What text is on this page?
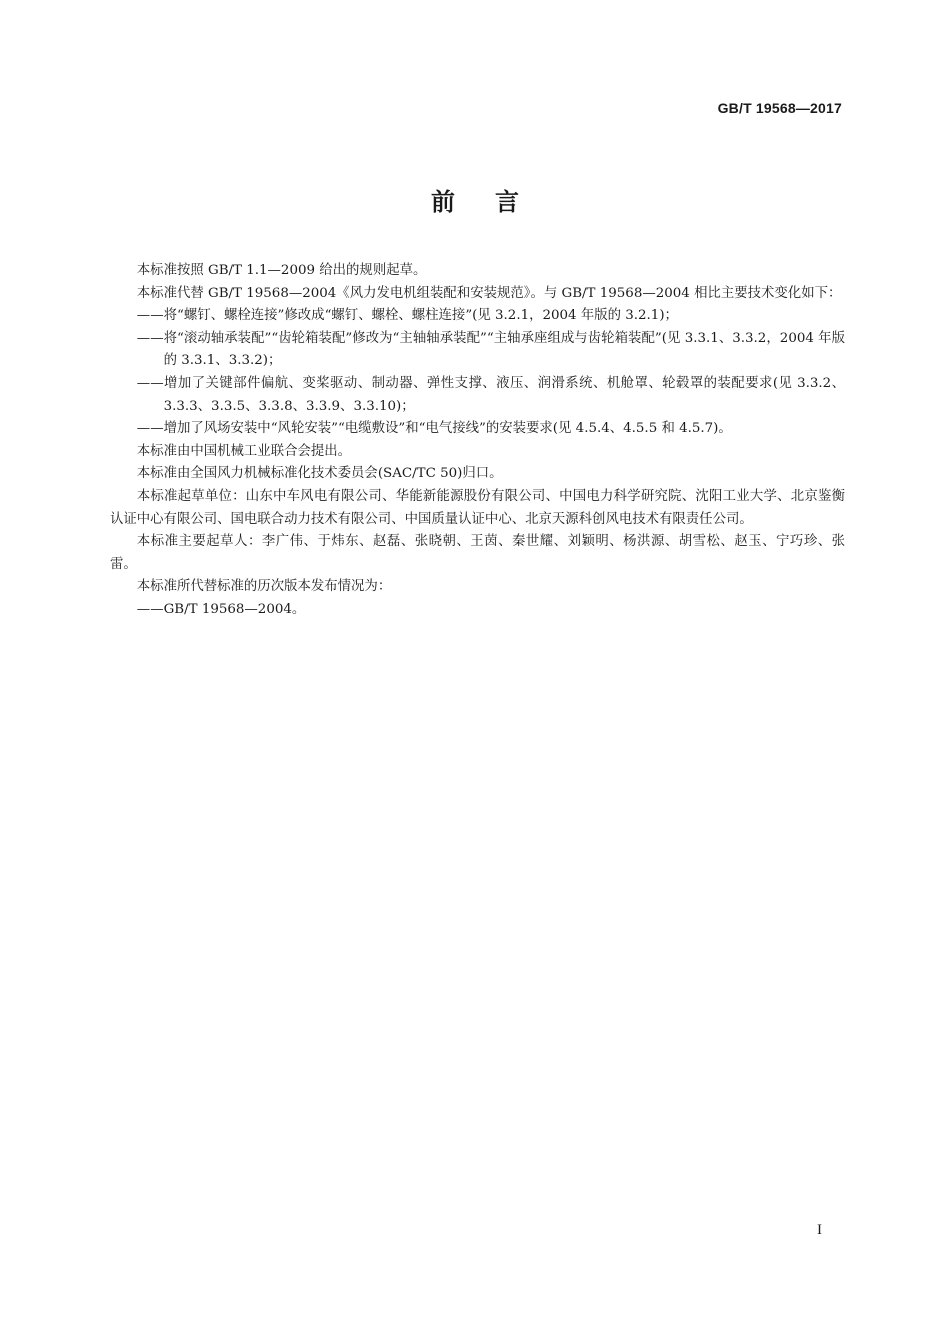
GB/T 19568—2017
前言

本标准按照 GB/T 1.1—2009 给出的规则起草。

本标准代替 GB/T 19568—2004《风力发电机组装配和安装规范》。与 GB/T 19568—2004 相比主要技术变化如下：

——将“螺钉、螺栓连接”修改成“螺钉、螺栓、螺柱连接”(见 3.2.1，2004 年版的 3.2.1)；

——将“滚动轴承装配”“齿轮箱装配”修改为“主轴轴承装配”“主轴承座组成与齿轮箱装配”(见 3.3.1、3.3.2，2004 年版的 3.3.1、3.3.2)；

——增加了关键部件偏航、变桨驱动、制动器、弹性支撑、液压、润滑系统、机舱罩、轮毂罩的装配要求(见 3.3.2、3.3.3、3.3.5、3.3.8、3.3.9、3.3.10)；

——增加了风场安装中“风轮安装”“电缆敷设”和“电气接线”的安装要求(见 4.5.4、4.5.5 和 4.5.7)。

本标准由中国机械工业联合会提出。

本标准由全国风力机械标准化技术委员会(SAC/TC 50)归口。

本标准起草单位：山东中车风电有限公司、华能新能源股份有限公司、中国电力科学研究院、沈阳工业大学、北京鉴衡认证中心有限公司、国电联合动力技术有限公司、中国质量认证中心、北京天源科创风电技术有限责任公司。

本标准主要起草人：李广伟、于炜东、赵磊、张晓朝、王茵、秦世耀、刘颖明、杨洪源、胡雪松、赵玉、宁巧珍、张雷。

本标准所代替标准的历次版本发布情况为：

——GB/T 19568—2004。

I
